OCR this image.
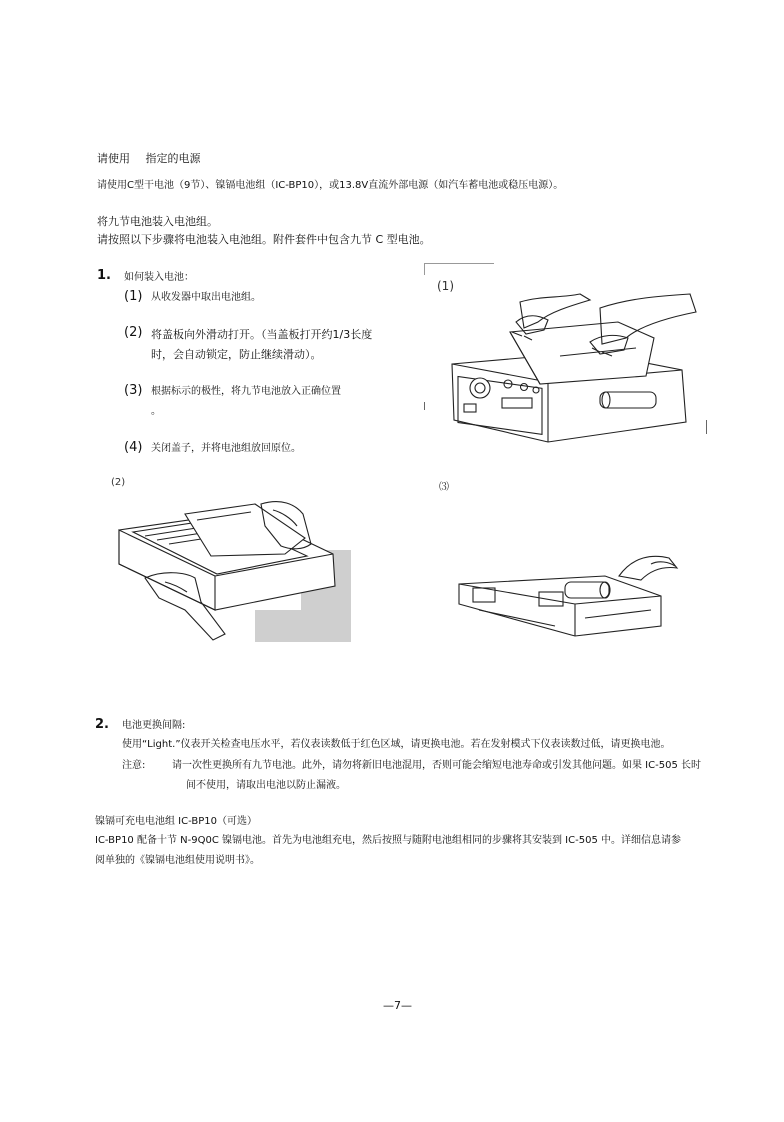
请使用 指定的电源
请使用C型干电池（9节）、镍镉电池组（IC-BP10），或13.8V直流外部电源（如汽车蓄电池或稳压电源）。
将九节电池装入电池组。
请按照以下步骤将电池装入电池组。附件套件中包含九节 C 型电池。
1. 如何装入电池：
(1) 从收发器中取出电池组。
(2) 将盖板向外滑动打开。（当盖板打开约1/3长度
时，会自动锁定，防止继续滑动）。
(3) 根据标示的极性，将九节电池放入正确位置
。
(4) 关闭盖子，并将电池组放回原位。
(1)
(2)	⑶
2. 电池更换间隔:
使用“Light.”仪表开关检查电压水平，若仪表读数低于红色区域，请更换电池。若在发射模式下仪表读数过低，请更换电池。
注意:	请一次性更换所有九节电池。此外，请勿将新旧电池混用，否则可能会缩短电池寿命或引发其他问题。如果 IC-505 长时
间不使用，请取出电池以防止漏液。
镍镉可充电电池组 IC-BP10（可选）
IC-BP10 配备十节 N-9Q0C 镍镉电池。首先为电池组充电，然后按照与随附电池组相同的步骤将其安装到 IC-505 中。详细信息请参
阅单独的《镍镉电池组使用说明书》。
—7—
